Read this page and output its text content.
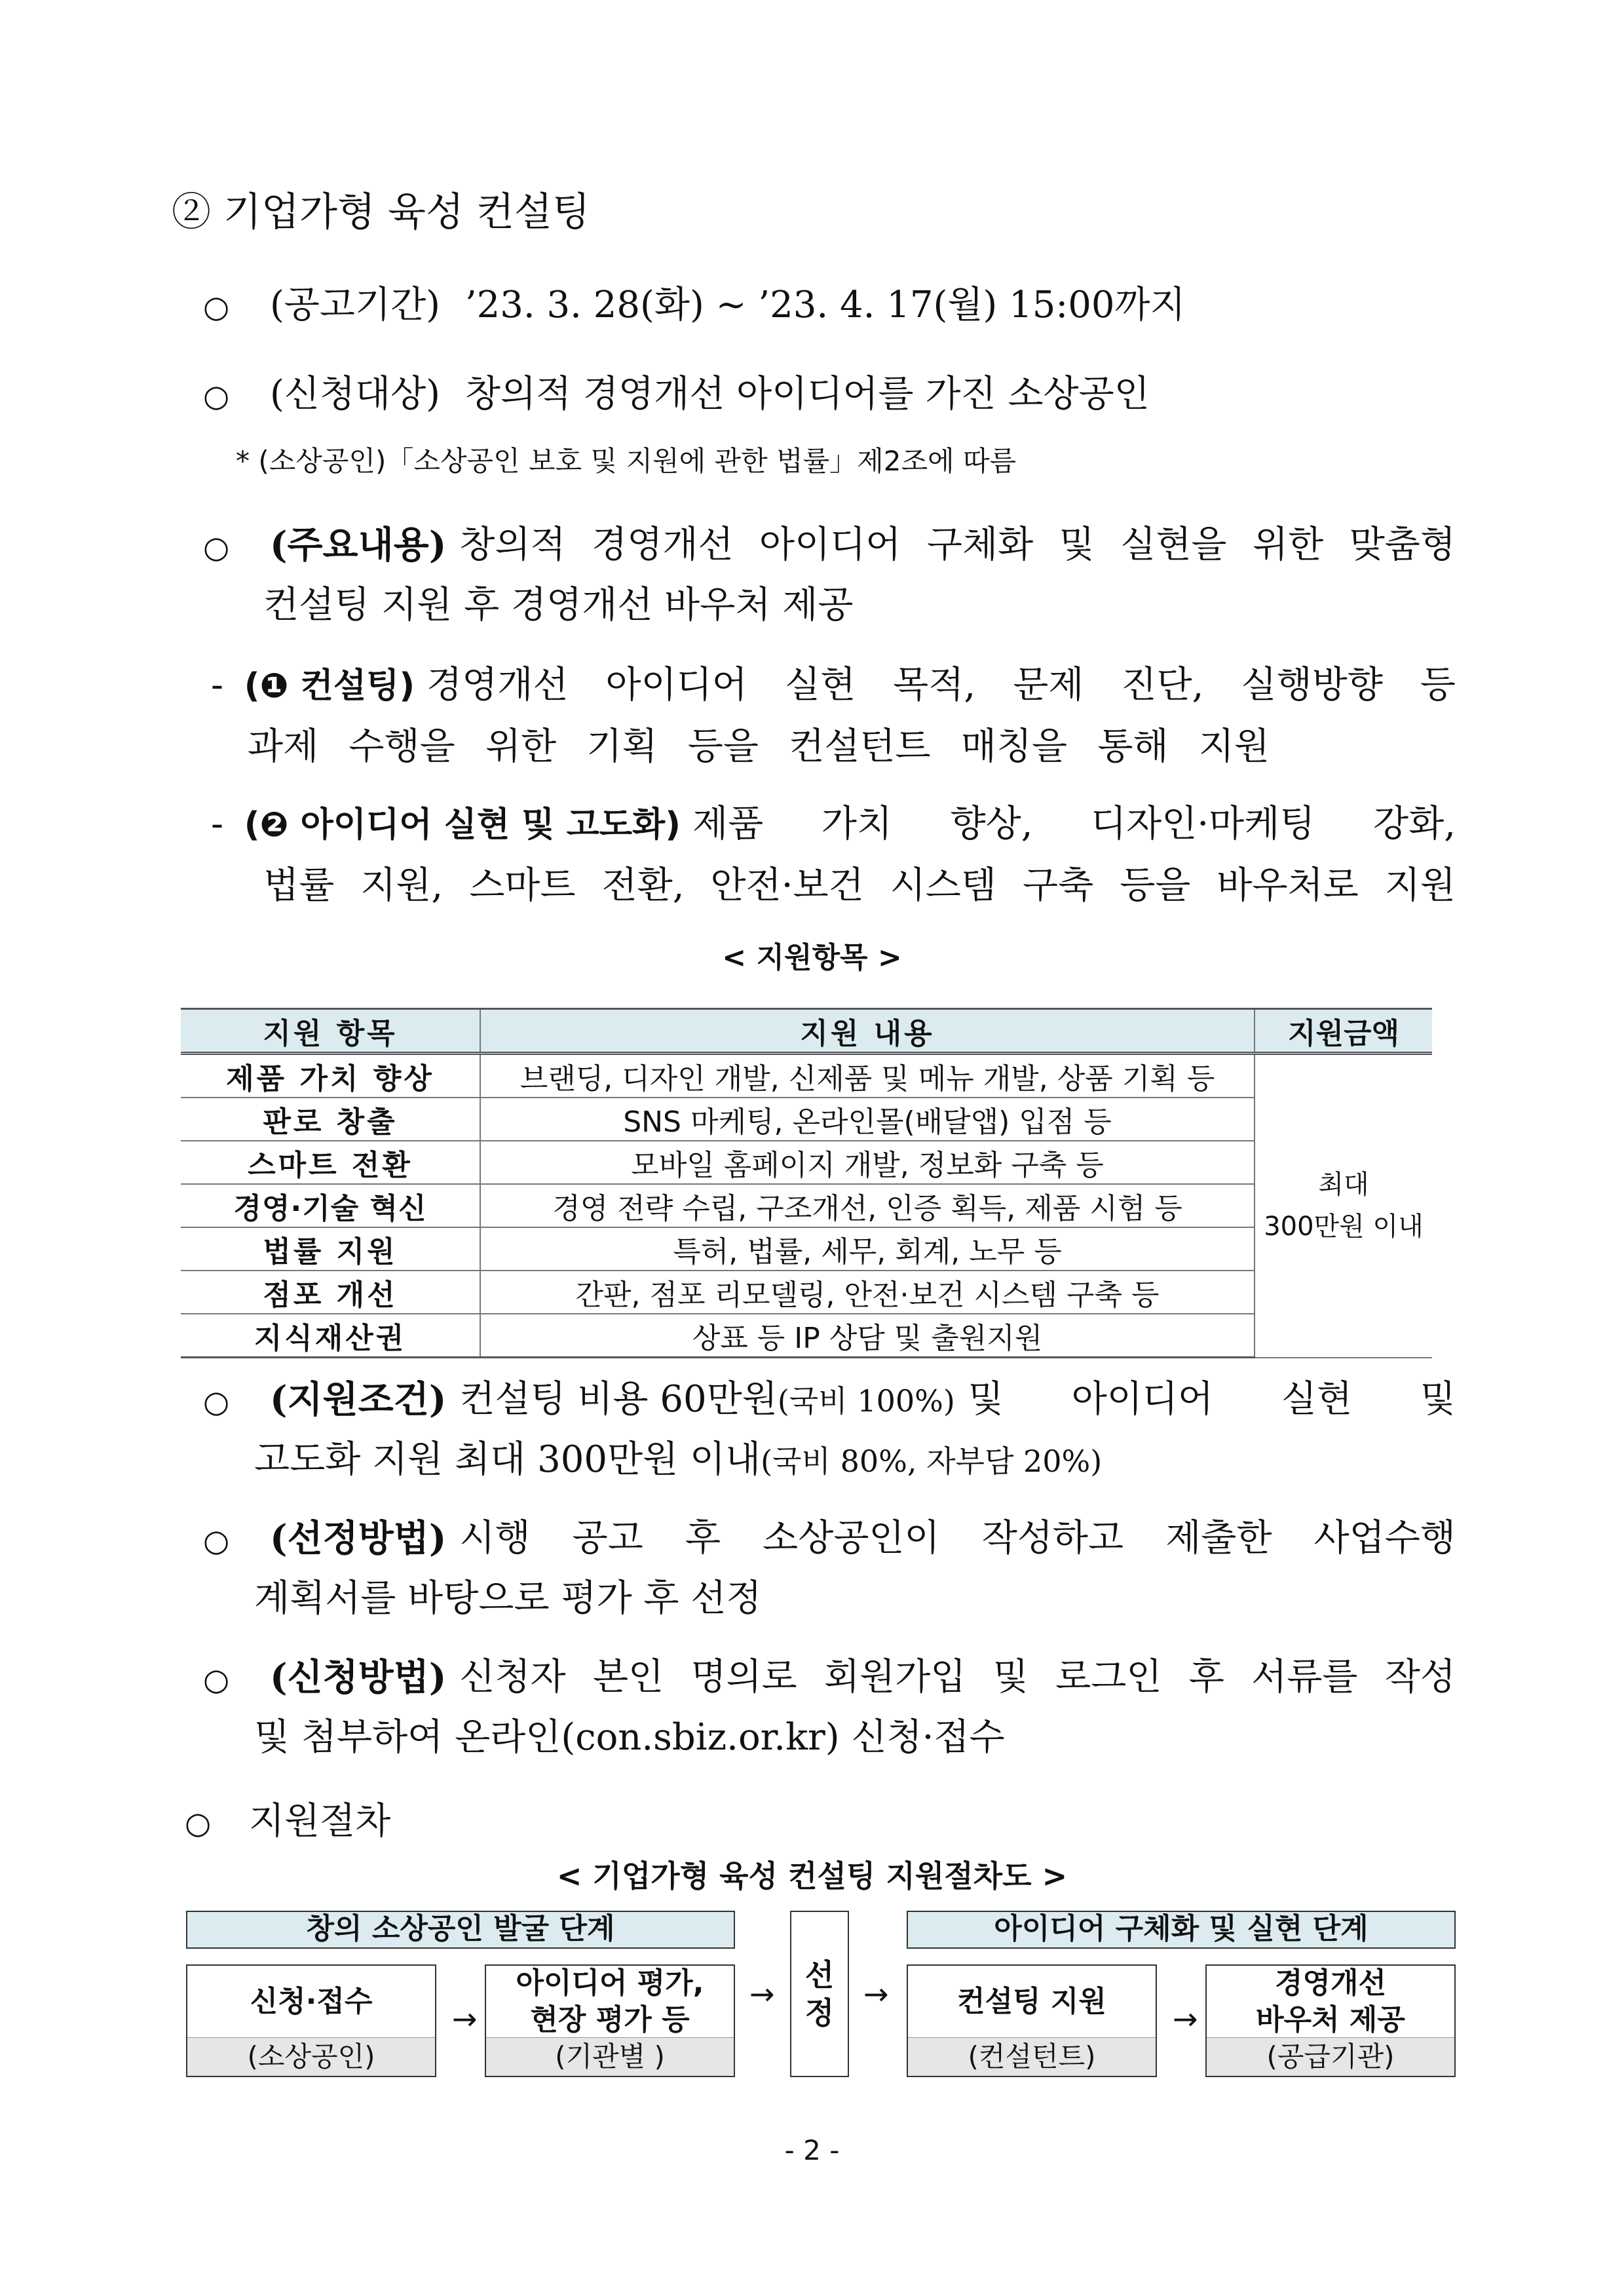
② 기업가형 육성 컨설팅
○ (공고기간) ’23. 3. 28(화) ~ ’23. 4. 17(월) 15:00까지
○ (신청대상) 창의적 경영개선 아이디어를 가진 소상공인
* (소상공인)「소상공인 보호 및 지원에 관한 법률」제2조에 따름
○ (주요내용) 창의적 경영개선 아이디어 구체화 및 실현을 위한 맞춤형
컨설팅 지원 후 경영개선 바우처 제공
- (❶ 컨설팅) 경영개선 아이디어 실현 목적, 문제 진단, 실행방향 등
과제 수행을 위한 기획 등을 컨설턴트 매칭을 통해 지원
- (❷ 아이디어 실현 및 고도화) 제품 가치 향상, 디자인·마케팅 강화,
법률 지원, 스마트 전환, 안전·보건 시스템 구축 등을 바우처로 지원
< 지원항목 >
지원 항목	지원 내용	지원금액
제품 가치 향상	브랜딩, 디자인 개발, 신제품 및 메뉴 개발, 상품 기획 등	최대
300만원 이내

판로 창출	SNS 마케팅, 온라인몰(배달앱) 입점 등	
스마트 전환	모바일 홈페이지 개발, 정보화 구축 등	
경영·기술 혁신	경영 전략 수립, 구조개선, 인증 획득, 제품 시험 등	
법률 지원	특허, 법률, 세무, 회계, 노무 등	
점포 개선	간판, 점포 리모델링, 안전·보건 시스템 구축 등	
지식재산권	상표 등 IP 상담 및 출원지원	
○ (지원조건) 컨설팅 비용 60만원(국비 100%) 및 아이디어 실현 및
고도화 지원 최대 300만원 이내(국비 80%, 자부담 20%)
○ (선정방법) 시행 공고 후 소상공인이 작성하고 제출한 사업수행
계획서를 바탕으로 평가 후 선정
○ (신청방법) 신청자 본인 명의로 회원가입 및 로그인 후 서류를 작성
및 첨부하여 온라인(con.sbiz.or.kr) 신청·접수
○ 지원절차
< 기업가형 육성 컨설팅 지원절차도 >
창의 소상공인 발굴 단계	아이디어 구체화 및 실현 단계
신청·접수
(소상공인)
→
아이디어 평가,
현장 평가 등
(기관별 )
→
선
정
→	컨설팅 지원
(컨설턴트)
→
경영개선
바우처 제공
(공급기관)
- 2 -
